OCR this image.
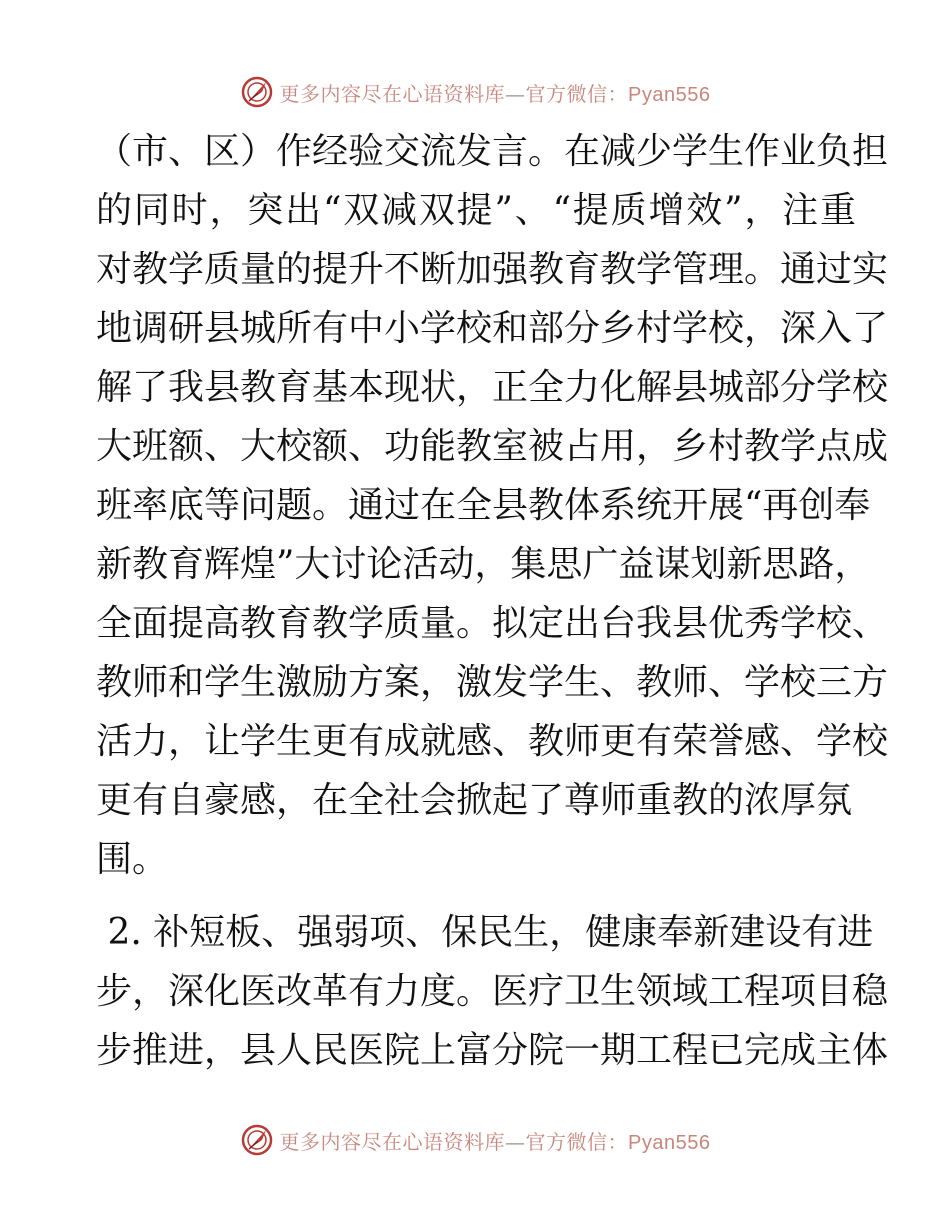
更多内容尽在心语资料库—官方微信：Pyan556
（市、区）作经验交流发言。在减少学生作业负担
的同时，突出“双减双提”、“提质增效”，注重
对教学质量的提升不断加强教育教学管理。通过实
地调研县城所有中小学校和部分乡村学校，深入了
解了我县教育基本现状，正全力化解县城部分学校
大班额、大校额、功能教室被占用，乡村教学点成
班率底等问题。通过在全县教体系统开展“再创奉
新教育辉煌”大讨论活动，集思广益谋划新思路，
全面提高教育教学质量。拟定出台我县优秀学校、
教师和学生激励方案，激发学生、教师、学校三方
活力，让学生更有成就感、教师更有荣誉感、学校
更有自豪感，在全社会掀起了尊师重教的浓厚氛
围。
2. 补短板、强弱项、保民生，健康奉新建设有进
步，深化医改革有力度。医疗卫生领域工程项目稳
步推进，县人民医院上富分院一期工程已完成主体
更多内容尽在心语资料库—官方微信：Pyan556
